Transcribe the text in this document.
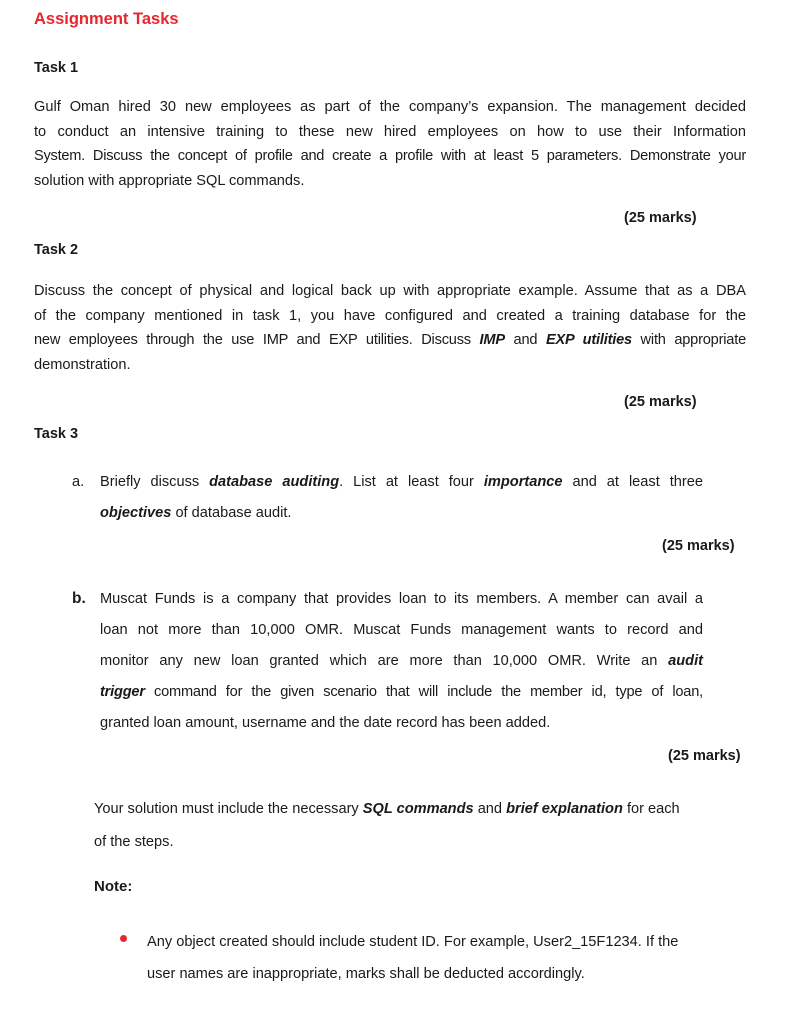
Assignment Tasks
Task 1
Gulf Oman hired 30 new employees as part of the company’s expansion. The management decided
to conduct an intensive training to these new hired employees on how to use their Information
System. Discuss the concept of profile and create a profile with at least 5 parameters. Demonstrate your
solution with appropriate SQL commands.
(25 marks)
Task 2
Discuss the concept of physical and logical back up with appropriate example. Assume that as a DBA
of the company mentioned in task 1, you have configured and created a training database for the
new employees through the use IMP and EXP utilities. Discuss IMP and EXP utilities with appropriate
demonstration.
(25 marks)
Task 3
a. Briefly discuss database auditing. List at least four importance and at least three
objectives of database audit.
(25 marks)
b. Muscat Funds is a company that provides loan to its members. A member can avail a
loan not more than 10,000 OMR. Muscat Funds management wants to record and
monitor any new loan granted which are more than 10,000 OMR. Write an audit
trigger command for the given scenario that will include the member id, type of loan,
granted loan amount, username and the date record has been added.
(25 marks)
Your solution must include the necessary SQL commands and brief explanation for each
of the steps.
Note:
Any object created should include student ID. For example, User2_15F1234. If the
user names are inappropriate, marks shall be deducted accordingly.
